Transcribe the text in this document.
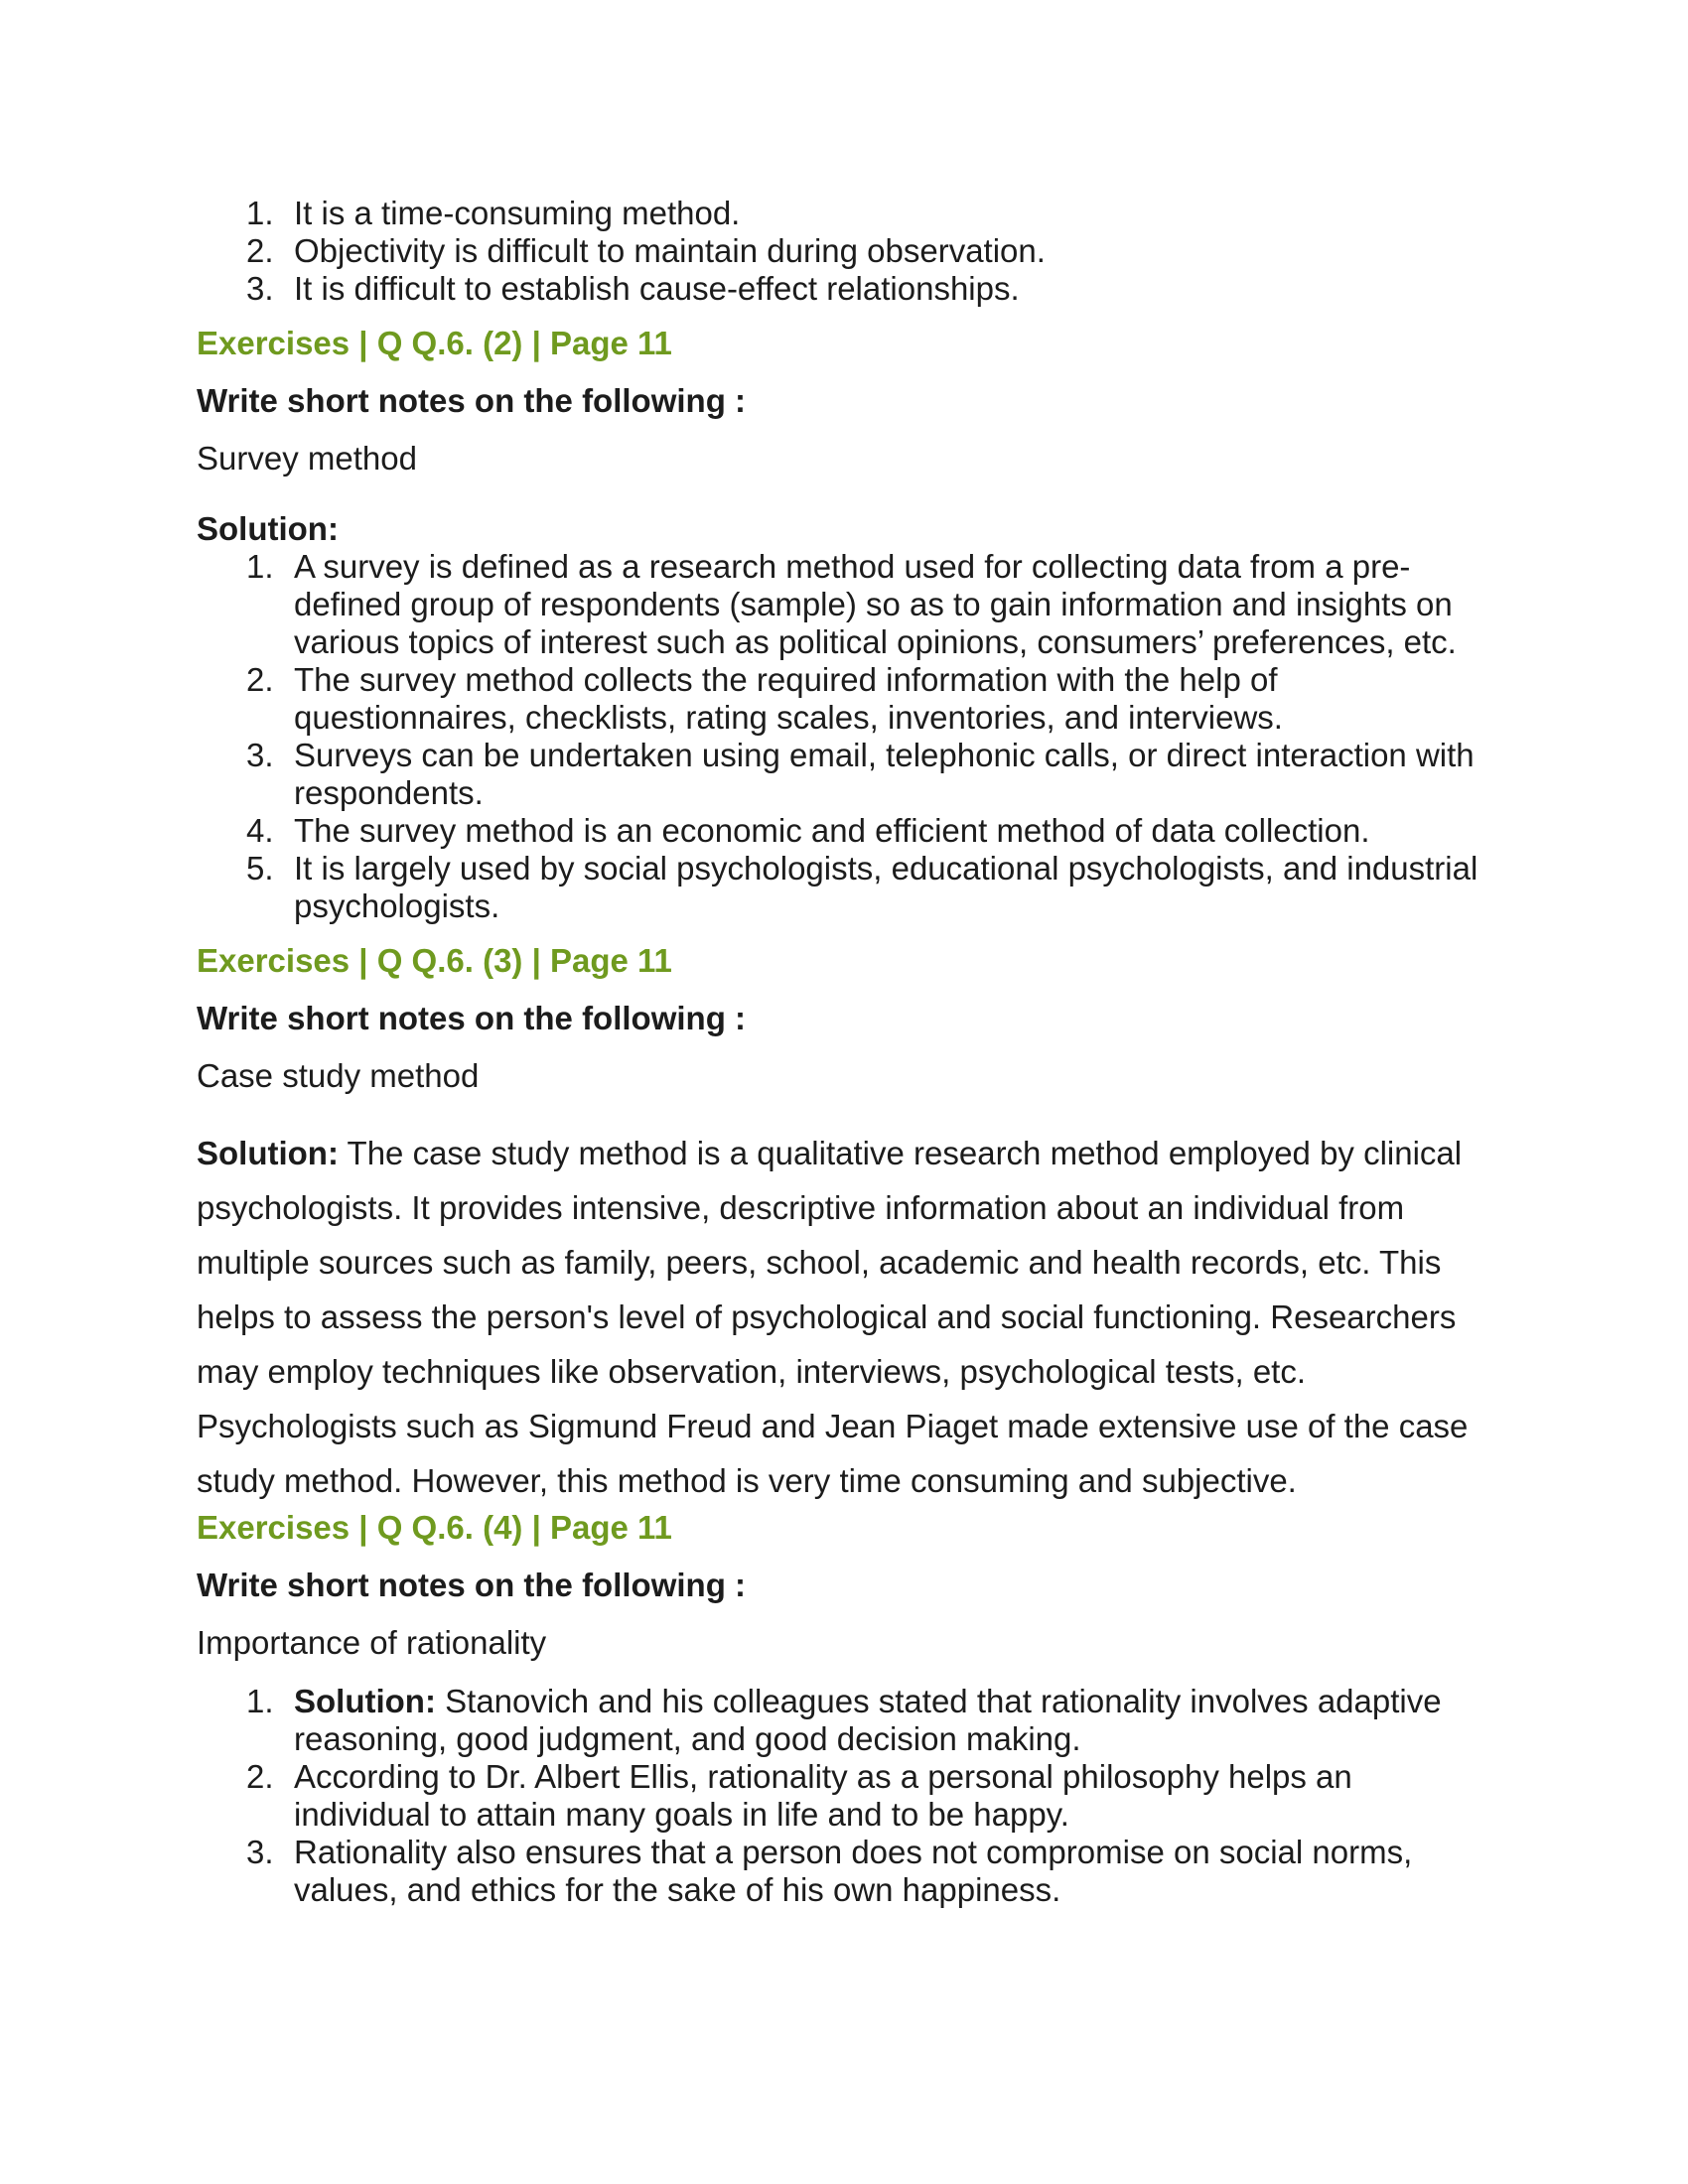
1. It is a time-consuming method.
2. Objectivity is difficult to maintain during observation.
3. It is difficult to establish cause-effect relationships.
Exercises | Q Q.6. (2) | Page 11
Write short notes on the following :
Survey method
Solution:
1. A survey is defined as a research method used for collecting data from a pre-defined group of respondents (sample) so as to gain information and insights on various topics of interest such as political opinions, consumers’ preferences, etc.
2. The survey method collects the required information with the help of questionnaires, checklists, rating scales, inventories, and interviews.
3. Surveys can be undertaken using email, telephonic calls, or direct interaction with respondents.
4. The survey method is an economic and efficient method of data collection.
5. It is largely used by social psychologists, educational psychologists, and industrial psychologists.
Exercises | Q Q.6. (3) | Page 11
Write short notes on the following :
Case study method

Solution: The case study method is a qualitative research method employed by clinical psychologists. It provides intensive, descriptive information about an individual from multiple sources such as family, peers, school, academic and health records, etc. This helps to assess the person's level of psychological and social functioning. Researchers may employ techniques like observation, interviews, psychological tests, etc. Psychologists such as Sigmund Freud and Jean Piaget made extensive use of the case study method. However, this method is very time consuming and subjective.

Exercises | Q Q.6. (4) | Page 11
Write short notes on the following :
Importance of rationality
1. Solution: Stanovich and his colleagues stated that rationality involves adaptive reasoning, good judgment, and good decision making.
2. According to Dr. Albert Ellis, rationality as a personal philosophy helps an individual to attain many goals in life and to be happy.
3. Rationality also ensures that a person does not compromise on social norms, values, and ethics for the sake of his own happiness.
